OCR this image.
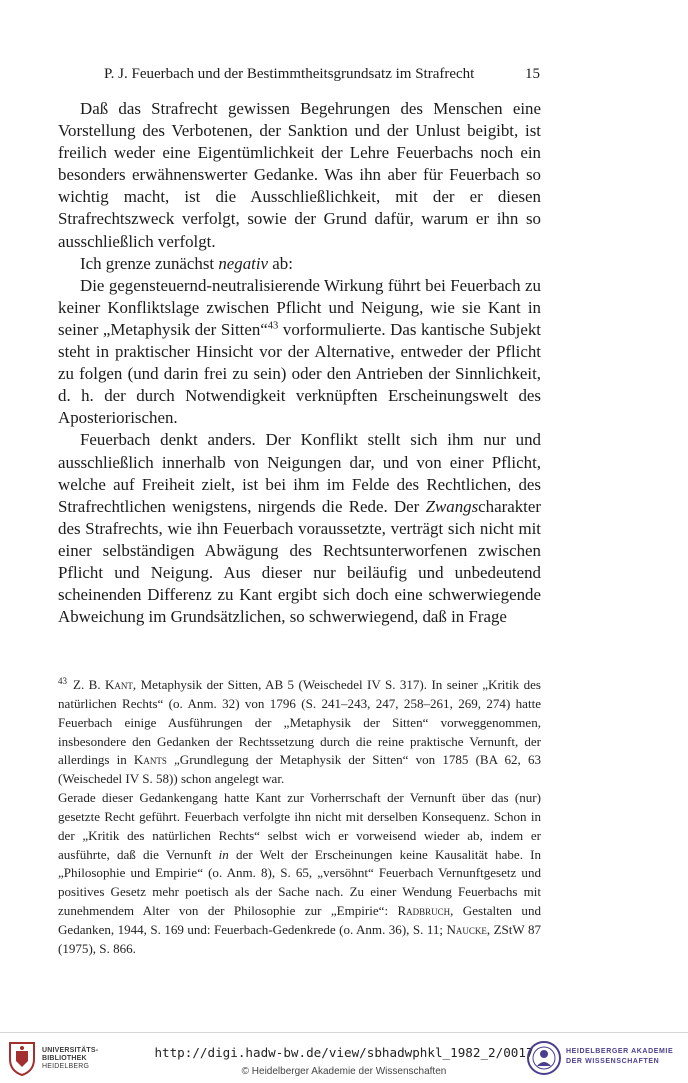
P. J. Feuerbach und der Bestimmtheitsgrundsatz im Strafrecht	15

Daß das Strafrecht gewissen Begehrungen des Menschen eine Vorstellung des Verbotenen, der Sanktion und der Unlust beigibt, ist freilich weder eine Eigentümlichkeit der Lehre Feuerbachs noch ein besonders erwähnenswerter Gedanke. Was ihn aber für Feuerbach so wichtig macht, ist die Ausschließlichkeit, mit der er diesen Strafrechtszweck verfolgt, sowie der Grund dafür, warum er ihn so ausschließlich verfolgt.

Ich grenze zunächst negativ ab:

Die gegensteuernd-neutralisierende Wirkung führt bei Feuerbach zu keiner Konfliktslage zwischen Pflicht und Neigung, wie sie Kant in seiner „Metaphysik der Sitten“$^{43}$ vorformulierte. Das kantische Subjekt steht in praktischer Hinsicht vor der Alternative, entweder der Pflicht zu folgen (und darin frei zu sein) oder den Antrieben der Sinnlichkeit, d. h. der durch Notwendigkeit verknüpften Erscheinungswelt des Aposteriorischen.

Feuerbach denkt anders. Der Konflikt stellt sich ihm nur und ausschließlich innerhalb von Neigungen dar, und von einer Pflicht, welche auf Freiheit zielt, ist bei ihm im Felde des Rechtlichen, des Strafrechtlichen wenigstens, nirgends die Rede. Der Zwangscharakter des Strafrechts, wie ihn Feuerbach voraussetzte, verträgt sich nicht mit einer selbständigen Abwägung des Rechtsunterworfenen zwischen Pflicht und Neigung. Aus dieser nur beiläufig und unbedeutend scheinenden Differenz zu Kant ergibt sich doch eine schwerwiegende Abweichung im Grundsätzlichen, so schwerwiegend, daß in Frage

$^{43}$ Z. B. Kant, Metaphysik der Sitten, AB 5 (Weischedel IV S. 317). In seiner „Kritik des natürlichen Rechts“ (o. Anm. 32) von 1796 (S. 241–243, 247, 258–261, 269, 274) hatte Feuerbach einige Ausführungen der „Metaphysik der Sitten“ vorweggenommen, insbesondere den Gedanken der Rechtssetzung durch die reine praktische Vernunft, der allerdings in Kants „Grundlegung der Metaphysik der Sitten“ von 1785 (BA 62, 63 (Weischedel IV S. 58)) schon angelegt war.

Gerade dieser Gedankengang hatte Kant zur Vorherrschaft der Vernunft über das (nur) gesetzte Recht geführt. Feuerbach verfolgte ihn nicht mit derselben Konsequenz. Schon in der „Kritik des natürlichen Rechts“ selbst wich er vorweisend wieder ab, indem er ausführte, daß die Vernunft in der Welt der Erscheinungen keine Kausalität habe. In „Philosophie und Empirie“ (o. Anm. 8), S. 65, „versöhnt“ Feuerbach Vernunftgesetz und positives Gesetz mehr poetisch als der Sache nach. Zu einer Wendung Feuerbachs mit zunehmendem Alter von der Philosophie zur „Empirie“: Radbruch, Gestalten und Gedanken, 1944, S. 169 und: Feuerbach-Gedenkrede (o. Anm. 36), S. 11; Naucke, ZStW 87 (1975), S. 866.

UNIVERSITÄTS-
BIBLIOTHEK
HEIDELBERG
http://digi.hadw-bw.de/view/sbhadwphkl_1982_2/0017
© Heidelberger Akademie der Wissenschaften
HEIDELBERGER AKADEMIE
DER WISSENSCHAFTEN
